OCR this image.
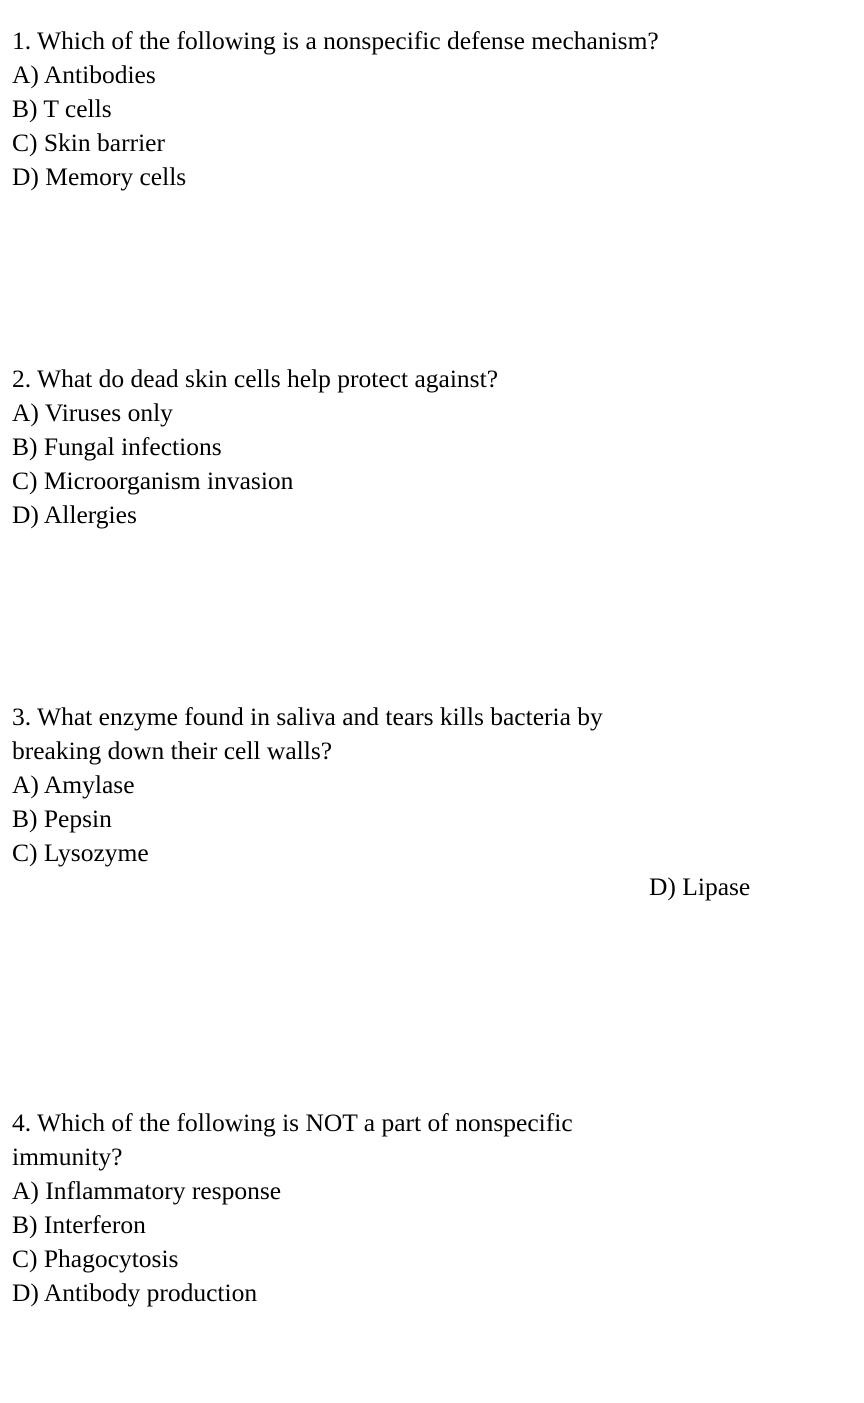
1. Which of the following is a nonspecific defense mechanism?
A) Antibodies
B) T cells
C) Skin barrier
D) Memory cells
2. What do dead skin cells help protect against?
A) Viruses only
B) Fungal infections
C) Microorganism invasion
D) Allergies
3. What enzyme found in saliva and tears kills bacteria by
breaking down their cell walls?
A) Amylase
B) Pepsin
C) Lysozyme
D) Lipase
4. Which of the following is NOT a part of nonspecific
immunity?
A) Inflammatory response
B) Interferon
C) Phagocytosis
D) Antibody production
